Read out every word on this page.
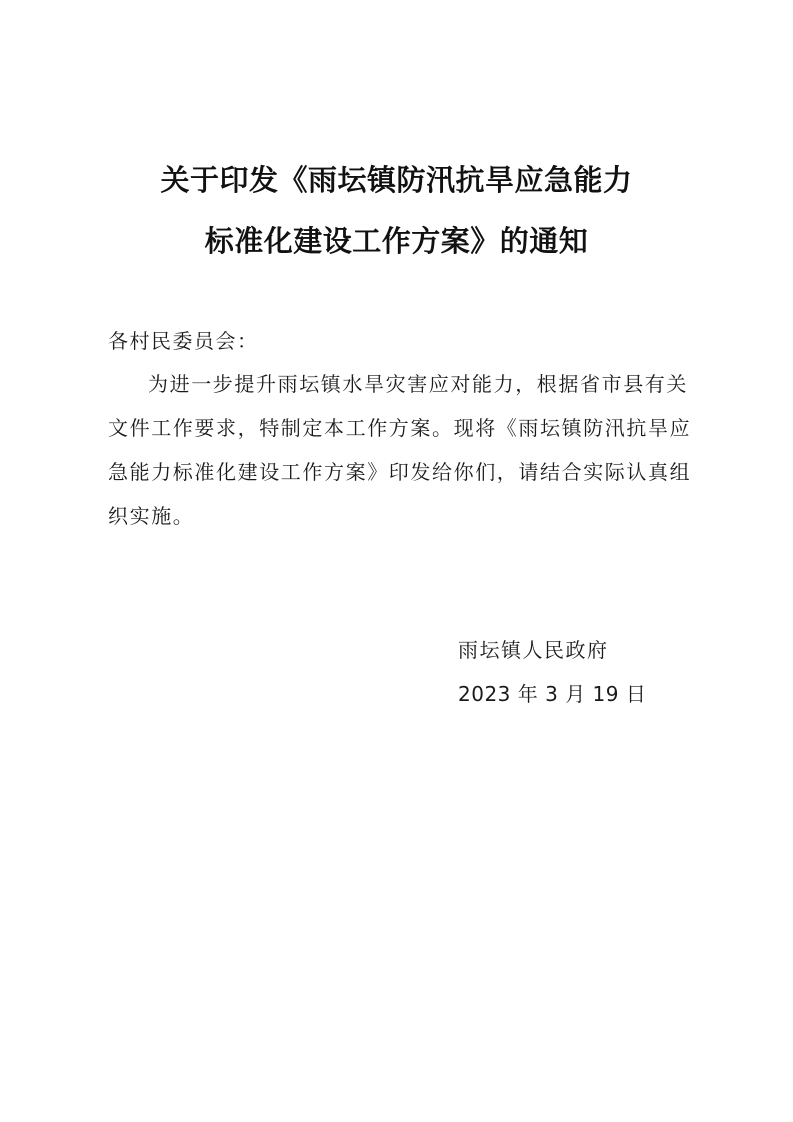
关于印发《雨坛镇防汛抗旱应急能力
标准化建设工作方案》的通知
各村民委员会：
为进一步提升雨坛镇水旱灾害应对能力，根据省市县有关
文件工作要求，特制定本工作方案。现将《雨坛镇防汛抗旱应
急能力标准化建设工作方案》印发给你们，请结合实际认真组
织实施。
雨坛镇人民政府
2023 年 3 月 19 日
